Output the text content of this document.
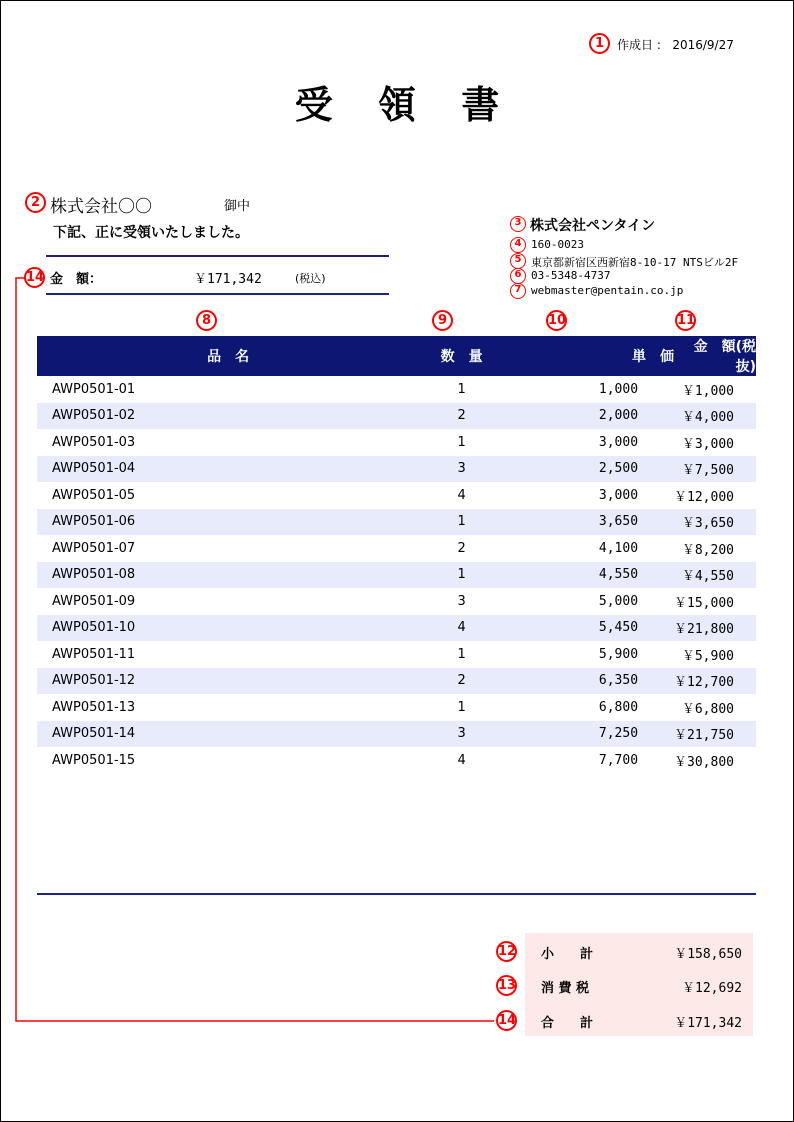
1	作成日 : 2016/9/27
受 領 書
2 株式会社〇〇	御中
下記、正に受領いたしました。
14 金　額：	￥171,342	(税込)
3 株式会社ペンタイン
4 160-0023
5 東京都新宿区西新宿8-10-17 NTSビル2F
6 03-5348-4737
7 webmaster@pentain.co.jp
8	9	10	11
品　名	数　量	単　価	金　額(税抜)
AWP0501-01	1	1,000	￥1,000
AWP0501-02	2	2,000	￥4,000
AWP0501-03	1	3,000	￥3,000
AWP0501-04	3	2,500	￥7,500
AWP0501-05	4	3,000	￥12,000
AWP0501-06	1	3,650	￥3,650
AWP0501-07	2	4,100	￥8,200
AWP0501-08	1	4,550	￥4,550
AWP0501-09	3	5,000	￥15,000
AWP0501-10	4	5,450	￥21,800
AWP0501-11	1	5,900	￥5,900
AWP0501-12	2	6,350	￥12,700
AWP0501-13	1	6,800	￥6,800
AWP0501-14	3	7,250	￥21,750
AWP0501-15	4	7,700	￥30,800
12 小　　計	￥158,650
13 消 費 税	￥12,692
14 合　　計	￥171,342
